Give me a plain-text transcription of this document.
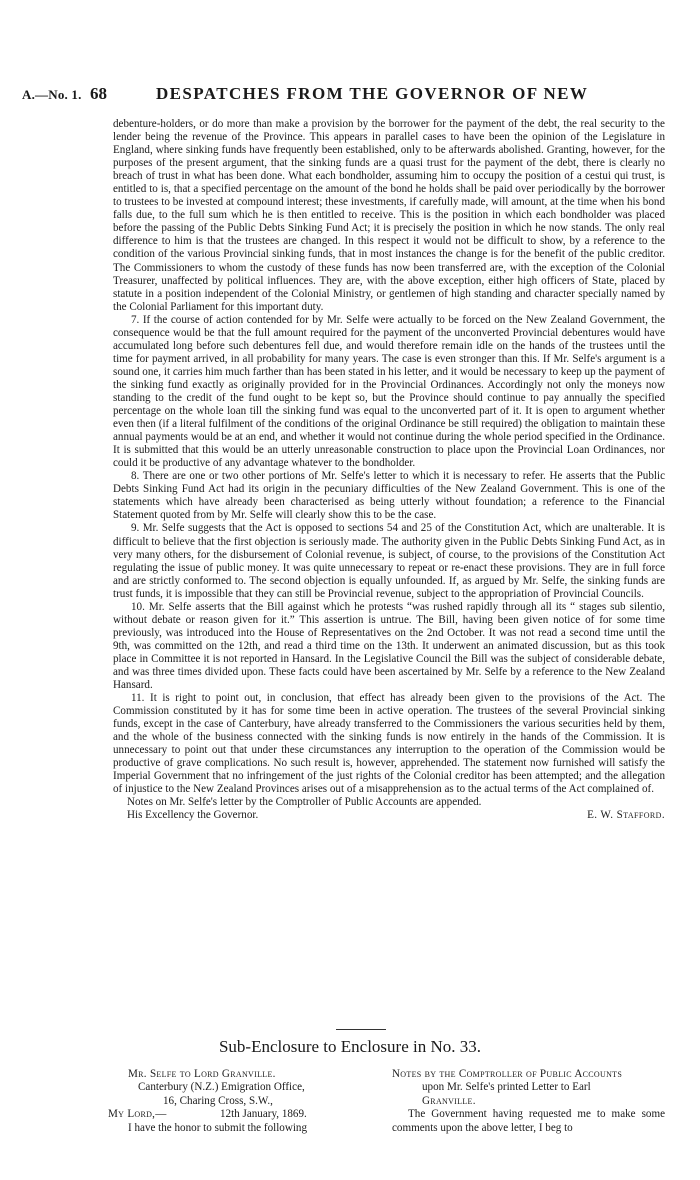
A.—No. 1. 68	DESPATCHES FROM THE GOVERNOR OF NEW

debenture-holders, or do more than make a provision by the borrower for the payment of the debt, the real security to the lender being the revenue of the Province. This appears in parallel cases to have been the opinion of the Legislature in England, where sinking funds have frequently been established, only to be afterwards abolished. Granting, however, for the purposes of the present argument, that the sinking funds are a quasi trust for the payment of the debt, there is clearly no breach of trust in what has been done. What each bondholder, assuming him to occupy the position of a cestui qui trust, is entitled to is, that a specified percentage on the amount of the bond he holds shall be paid over periodically by the borrower to trustees to be invested at compound interest; these investments, if carefully made, will amount, at the time when his bond falls due, to the full sum which he is then entitled to receive. This is the position in which each bondholder was placed before the passing of the Public Debts Sinking Fund Act; it is precisely the position in which he now stands. The only real difference to him is that the trustees are changed. In this respect it would not be difficult to show, by a reference to the condition of the various Provincial sinking funds, that in most instances the change is for the benefit of the public creditor. The Commissioners to whom the custody of these funds has now been transferred are, with the exception of the Colonial Treasurer, unaffected by political influences. They are, with the above exception, either high officers of State, placed by statute in a position independent of the Colonial Ministry, or gentlemen of high standing and character specially named by the Colonial Parliament for this important duty.

7. If the course of action contended for by Mr. Selfe were actually to be forced on the New Zealand Government, the consequence would be that the full amount required for the payment of the unconverted Provincial debentures would have accumulated long before such debentures fell due, and would therefore remain idle on the hands of the trustees until the time for payment arrived, in all probability for many years. The case is even stronger than this. If Mr. Selfe's argument is a sound one, it carries him much farther than has been stated in his letter, and it would be necessary to keep up the payment of the sinking fund exactly as originally provided for in the Provincial Ordinances. Accordingly not only the moneys now standing to the credit of the fund ought to be kept so, but the Province should continue to pay annually the specified percentage on the whole loan till the sinking fund was equal to the unconverted part of it. It is open to argument whether even then (if a literal fulfilment of the conditions of the original Ordinance be still required) the obligation to maintain these annual payments would be at an end, and whether it would not continue during the whole period specified in the Ordinance. It is submitted that this would be an utterly unreasonable construction to place upon the Provincial Loan Ordinances, nor could it be productive of any advantage whatever to the bondholder.

8. There are one or two other portions of Mr. Selfe's letter to which it is necessary to refer. He asserts that the Public Debts Sinking Fund Act had its origin in the pecuniary difficulties of the New Zealand Government. This is one of the statements which have already been characterised as being utterly without foundation; a reference to the Financial Statement quoted from by Mr. Selfe will clearly show this to be the case.

9. Mr. Selfe suggests that the Act is opposed to sections 54 and 25 of the Constitution Act, which are unalterable. It is difficult to believe that the first objection is seriously made. The authority given in the Public Debts Sinking Fund Act, as in very many others, for the disbursement of Colonial revenue, is subject, of course, to the provisions of the Constitution Act regulating the issue of public money. It was quite unnecessary to repeat or re-enact these provisions. They are in full force and are strictly conformed to. The second objection is equally unfounded. If, as argued by Mr. Selfe, the sinking funds are trust funds, it is impossible that they can still be Provincial revenue, subject to the appropriation of Provincial Councils.

10. Mr. Selfe asserts that the Bill against which he protests “was rushed rapidly through all its “ stages sub silentio, without debate or reason given for it.” This assertion is untrue. The Bill, having been given notice of for some time previously, was introduced into the House of Representatives on the 2nd October. It was not read a second time until the 9th, was committed on the 12th, and read a third time on the 13th. It underwent an animated discussion, but as this took place in Committee it is not reported in Hansard. In the Legislative Council the Bill was the subject of considerable debate, and was three times divided upon. These facts could have been ascertained by Mr. Selfe by a reference to the New Zealand Hansard.

11. It is right to point out, in conclusion, that effect has already been given to the provisions of the Act. The Commission constituted by it has for some time been in active operation. The trustees of the several Provincial sinking funds, except in the case of Canterbury, have already transferred to the Commissioners the various securities held by them, and the whole of the business connected with the sinking funds is now entirely in the hands of the Commission. It is unnecessary to point out that under these circumstances any interruption to the operation of the Commission would be productive of grave complications. No such result is, however, apprehended. The statement now furnished will satisfy the Imperial Government that no infringement of the just rights of the Colonial creditor has been attempted; and the allegation of injustice to the New Zealand Provinces arises out of a misapprehension as to the actual terms of the Act complained of.

Notes on Mr. Selfe's letter by the Comptroller of Public Accounts are appended.

His Excellency the Governor.	E. W. Stafford.
Sub-Enclosure to Enclosure in No. 33.
Mr. Selfe to Lord Granville.
Canterbury (N.Z.) Emigration Office,
16, Charing Cross, S.W.,
My Lord,—	12th January, 1869.
I have the honor to submit the following
Notes by the Comptroller of Public Accounts
upon Mr. Selfe's printed Letter to Earl
Granville.
The Government having requested me to make some comments upon the above letter, I beg to
